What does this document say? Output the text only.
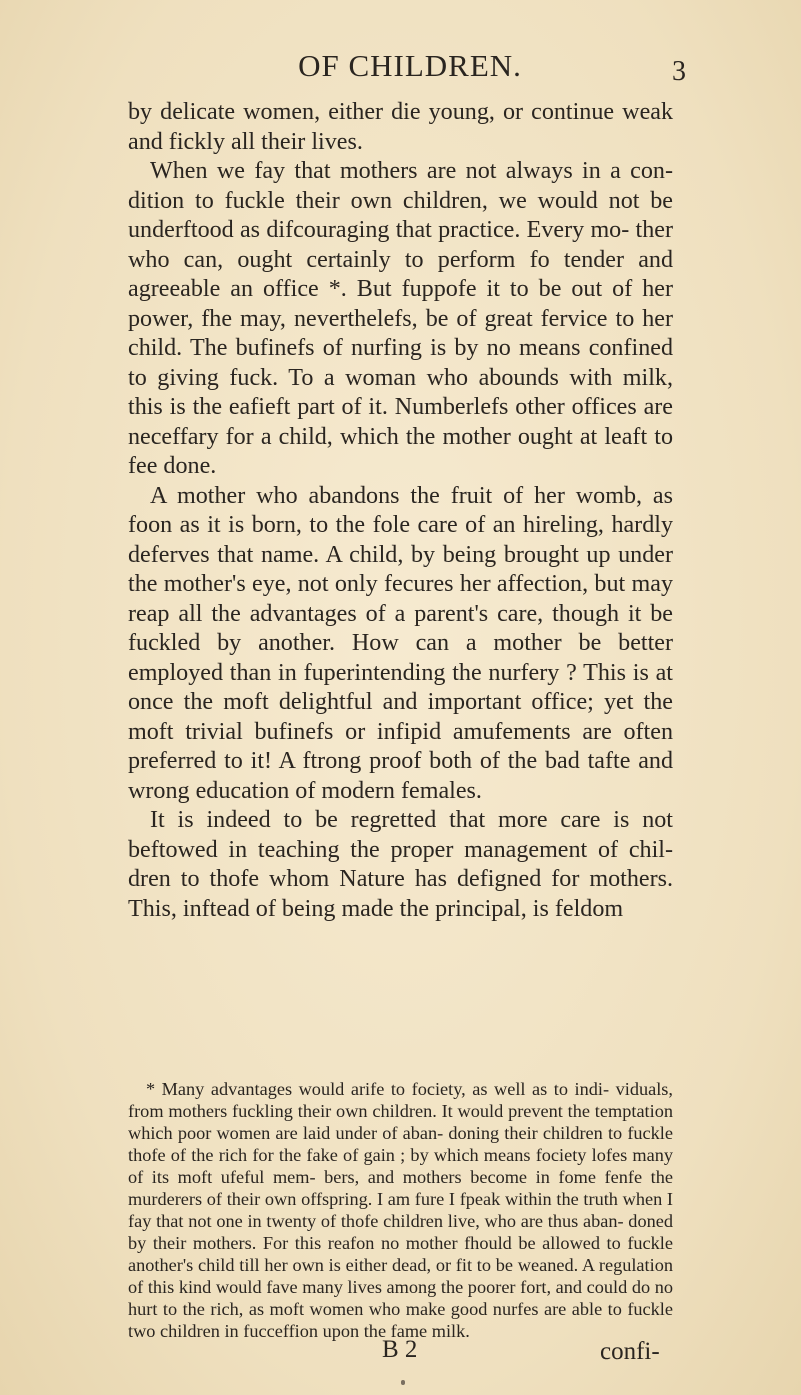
OF CHILDREN.	3

by delicate women, either die young, or continue weak and fickly all their lives.

When we fay that mothers are not always in a con- dition to fuckle their own children, we would not be underftood as difcouraging that practice. Every mo- ther who can, ought certainly to perform fo tender and agreeable an office *. But fuppofe it to be out of her power, fhe may, neverthelefs, be of great fervice to her child. The bufinefs of nurfing is by no means confined to giving fuck. To a woman who abounds with milk, this is the eafieft part of it. Numberlefs other offices are neceffary for a child, which the mother ought at leaft to fee done.

A mother who abandons the fruit of her womb, as foon as it is born, to the fole care of an hireling, hardly deferves that name. A child, by being brought up under the mother's eye, not only fecures her affection, but may reap all the advantages of a parent's care, though it be fuckled by another. How can a mother be better employed than in fuperintending the nurfery ? This is at once the moft delightful and important office; yet the moft trivial bufinefs or infipid amufements are often preferred to it! A ftrong proof both of the bad tafte and wrong education of modern females.

It is indeed to be regretted that more care is not beftowed in teaching the proper management of chil- dren to thofe whom Nature has defigned for mothers. This, inftead of being made the principal, is feldom

* Many advantages would arife to fociety, as well as to indi- viduals, from mothers fuckling their own children. It would prevent the temptation which poor women are laid under of aban- doning their children to fuckle thofe of the rich for the fake of gain ; by which means fociety lofes many of its moft ufeful mem- bers, and mothers become in fome fenfe the murderers of their own offspring. I am fure I fpeak within the truth when I fay that not one in twenty of thofe children live, who are thus aban- doned by their mothers. For this reafon no mother fhould be allowed to fuckle another's child till her own is either dead, or fit to be weaned. A regulation of this kind would fave many lives among the poorer fort, and could do no hurt to the rich, as moft women who make good nurfes are able to fuckle two children in fucceffion upon the fame milk.
B 2	confi-
